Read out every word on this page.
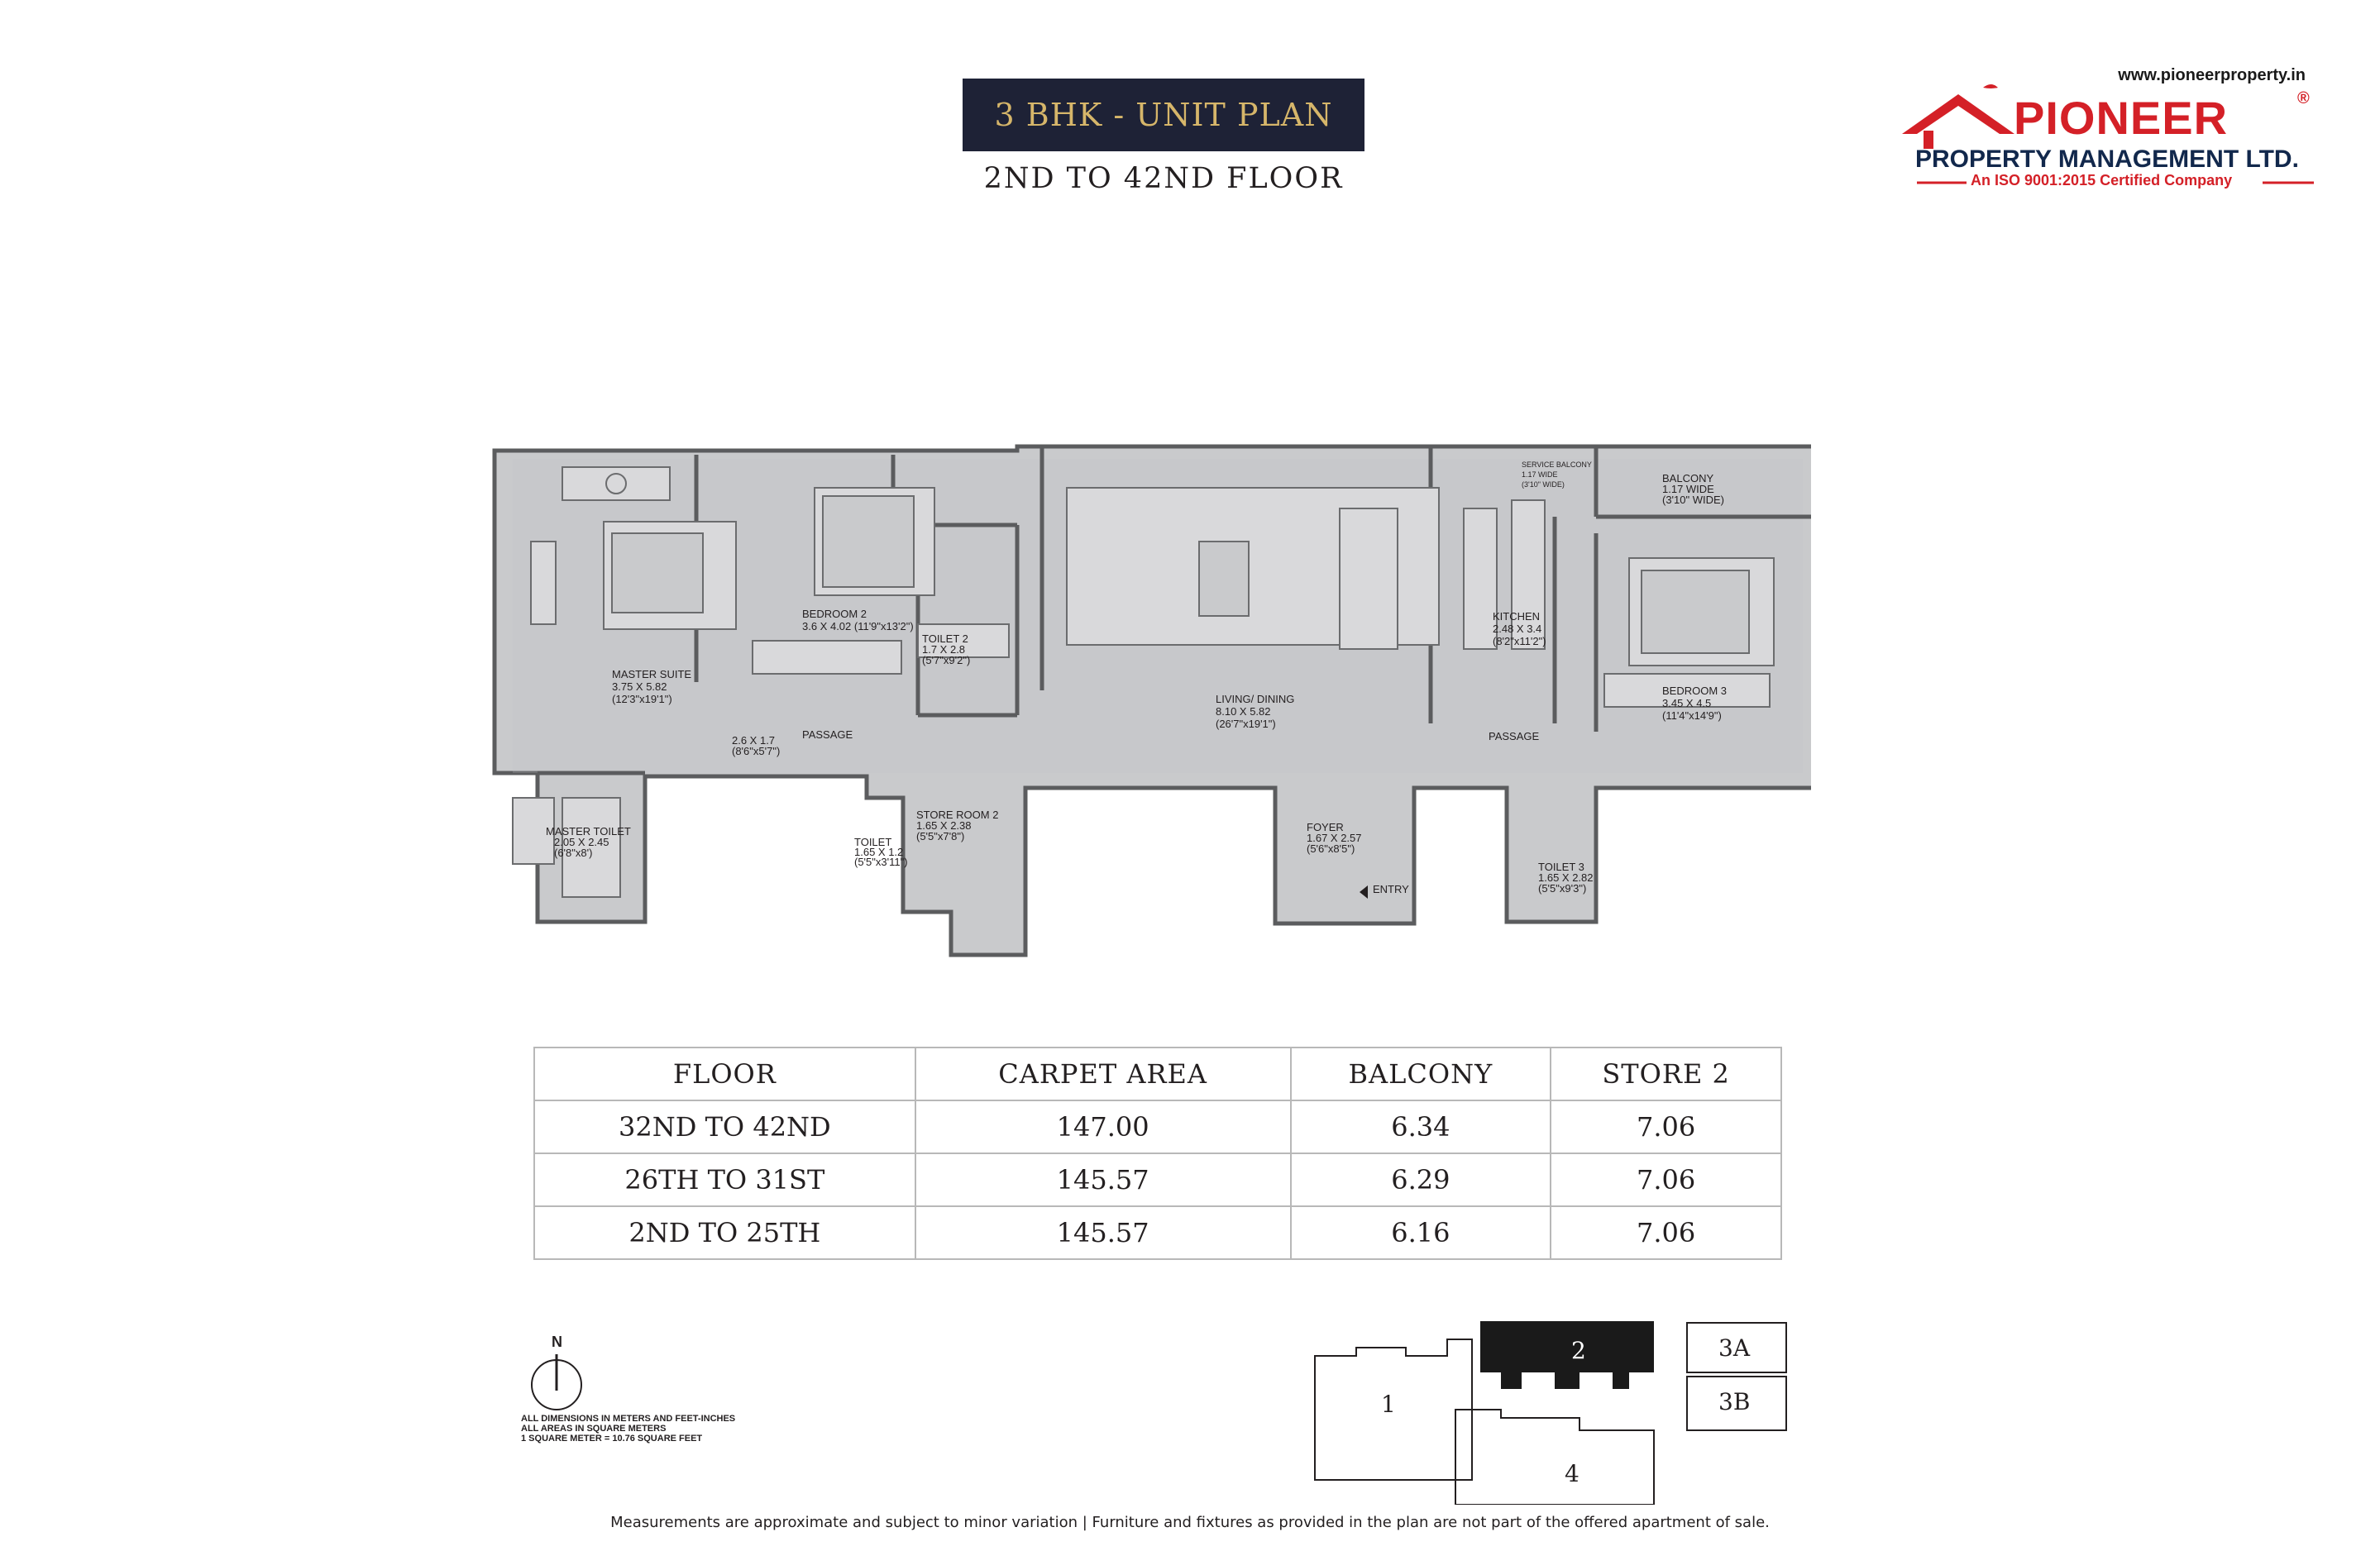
3 BHK - UNIT PLAN
2ND TO 42ND FLOOR
www.pioneerproperty.in
PIONEER	®
PROPERTY MANAGEMENT LTD.
An ISO 9001:2015 Certified Company
MASTER SUITE
3.75 X 5.82
(12'3"x19'1")
BEDROOM 2
3.6 X 4.02 (11'9"x13'2")
TOILET 2
1.7 X 2.8
(5'7"x9'2")
LIVING/ DINING
8.10 X 5.82
(26'7"x19'1")
SERVICE BALCONY
1.17 WIDE
(3'10" WIDE)	BALCONY
1.17 WIDE
(3'10" WIDE)
KITCHEN
2.48 X 3.4
(8'2"x11'2")
BEDROOM 3
3.45 X 4.5
(11'4"x14'9")
2.6 X 1.7
(8'6"x5'7")
PASSAGE	PASSAGE
MASTER TOILET
2.05 X 2.45
(6'8"x8')
TOILET
1.65 X 1.2
(5'5"x3'11")
STORE ROOM 2
1.65 X 2.38
(5'5"x7'8")
FOYER
1.67 X 2.57
(5'6"x8'5")
ENTRY
TOILET 3
1.65 X 2.82
(5'5"x9'3")
FLOOR	CARPET AREA	BALCONY	STORE 2
32ND TO 42ND	147.00	6.34	7.06
26TH TO 31ST	145.57	6.29	7.06
2ND TO 25TH	145.57	6.16	7.06
N
ALL DIMENSIONS IN METERS AND FEET-INCHES
ALL AREAS IN SQUARE METERS
1 SQUARE METER = 10.76 SQUARE FEET
1
2	3A
3B
4
Measurements are approximate and subject to minor variation | Furniture and fixtures as provided in the plan are not part of the offered apartment of sale.
